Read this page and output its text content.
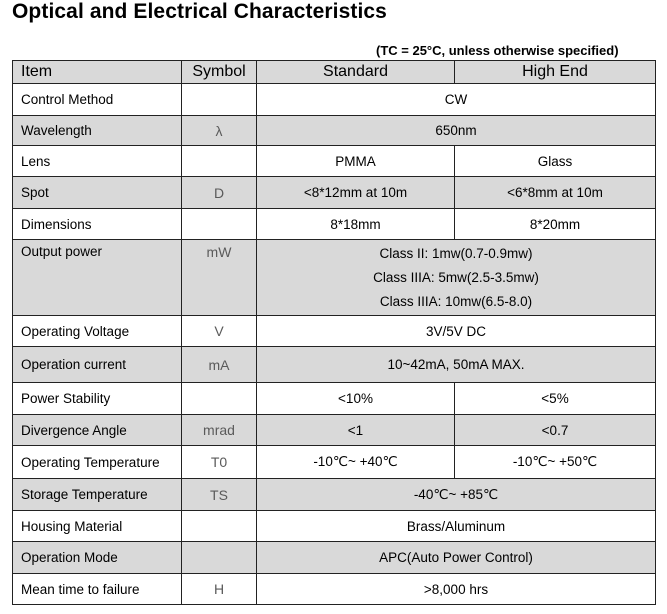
Optical and Electrical Characteristics
(TC = 25°C, unless otherwise specified)
Item	Symbol	Standard	High End
Control Method		CW	
Wavelength	λ	650nm	
Lens		PMMA	Glass
Spot	D	<8*12mm at 10m	<6*8mm at 10m
Dimensions		8*18mm	8*20mm
Output power	mW	Class II: 1mw(0.7-0.9mw)
Class IIIA: 5mw(2.5-3.5mw)
Class IIIA: 10mw(6.5-8.0)	

Operating Voltage	V	3V/5V DC	
Operation current	mA	10~42mA, 50mA MAX.	
Power Stability		<10%	<5%
Divergence Angle	mrad	<1	<0.7
Operating Temperature	T0	-10℃~ +40℃	-10℃~ +50℃
Storage Temperature	TS	-40℃~ +85℃	
Housing Material		Brass/Aluminum	
Operation Mode		APC(Auto Power Control)	
Mean time to failure	H	>8,000 hrs	
